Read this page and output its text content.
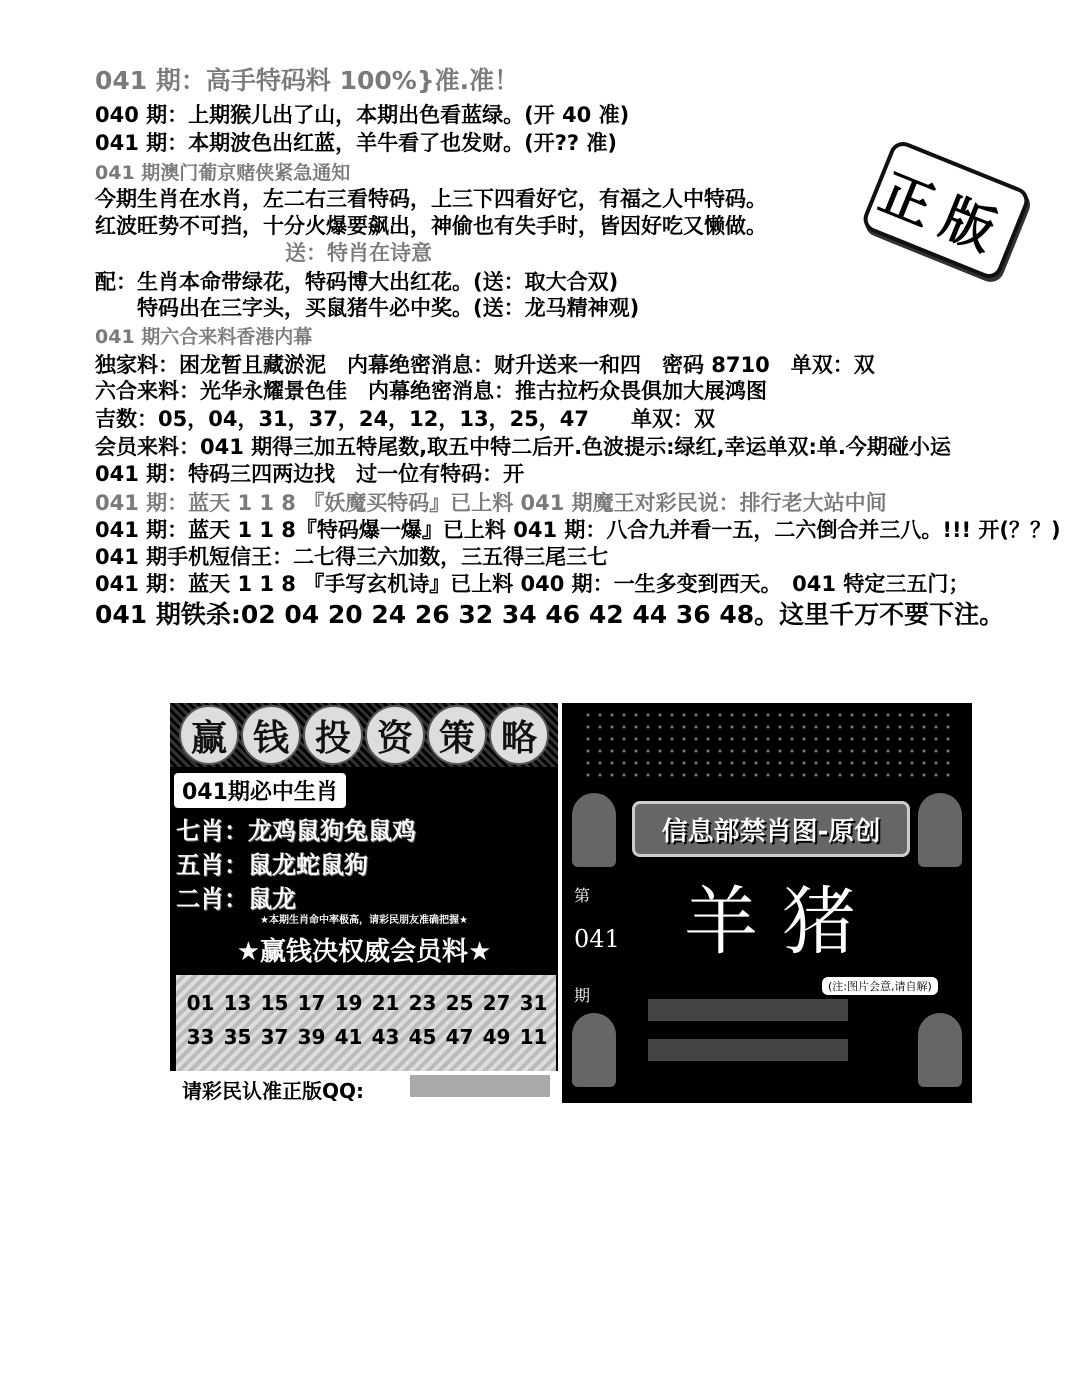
041 期：高手特码料 100%}准.准！
040 期：上期猴儿出了山，本期出色看蓝绿。(开 40 准)
041 期：本期波色出红蓝，羊牛看了也发财。(开?? 准)
041 期澳门葡京赌侠紧急通知
今期生肖在水肖，左二右三看特码，上三下四看好它，有福之人中特码。
红波旺势不可挡，十分火爆要飙出，神偷也有失手时，皆因好吃又懒做。
送：特肖在诗意
配：生肖本命带绿花，特码博大出红花。(送：取大合双)
特码出在三字头，买鼠猪牛必中奖。(送：龙马精神观)
041 期六合来料香港内幕
独家料：困龙暂且藏淤泥　内幕绝密消息：财升送来一和四　密码 8710　单双：双
六合来料：光华永耀景色佳　内幕绝密消息：推古拉朽众畏俱加大展鸿图
吉数：05，04，31，37，24，12，13，25，47　　单双：双
会员来料：041 期得三加五特尾数,取五中特二后开.色波提示:绿红,幸运单双:单.今期碰小运
041 期：特码三四两边找　过一位有特码：开
041 期：蓝天 1 1 8 『妖魔买特码』已上料 041 期魔王对彩民说：排行老大站中间
041 期：蓝天 1 1 8『特码爆一爆』已上料 041 期：八合九并看一五，二六倒合并三八。!!! 开(？？)
041 期手机短信王：二七得三六加数，三五得三尾三七
041 期：蓝天 1 1 8 『手写玄机诗』已上料 040 期：一生多变到西天。　041 特定三五门；
041 期铁杀:02 04 20 24 26 32 34 46 42 44 36 48。这里千万不要下注。
正版
赢 钱 投 资 策 略
041期必中生肖
七肖：龙鸡鼠狗兔鼠鸡
五肖：鼠龙蛇鼠狗
二肖：鼠龙
★本期生肖命中率极高，请彩民朋友准确把握★
★赢钱决权威会员料★
01 13 15 17 19 21 23 25 27 31
33 35 37 39 41 43 45 47 49 11
请彩民认准正版QQ:
信息部禁肖图-原创
羊猪
第
041
期	(注:图片会意,请自解)
